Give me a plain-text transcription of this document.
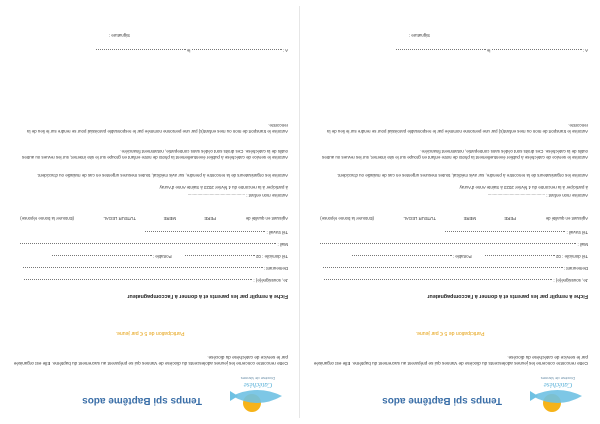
Catéchèse
Diocèse de Vannes
Temps spi Baptême ados
Cette rencontre concerne les jeunes adolescents du diocèse de Vannes qui se préparent au sacrement du baptême. Elle est organisée par le service de catéchèse du diocèse.
Participation de 5 € par jeune.
Fiche à remplir par les parents et à donner à l'accompagnateur
Je, soussigné(e) :
Demeurant :
Tél domicile : 02  Portable :
Mail :
Tél travail :
Agissant en qualité de
PERE
MERE
TUTEUR LEGAL
(Entourer la bonne réponse)
Autorise mon enfant : ...............................................
à participer à la rencontre du 4 février 2023 à Sainte Anne d'Auray
Autorise les organisateurs de la rencontre à prendre, sur avis médical, toutes mesures urgentes en cas de maladie ou d'accident.
Autorise le service de catéchèse à publier éventuellement la photo de notre enfant en groupe sur le site internet, sur les revues ou autres outils de la catéchèse. Ces droits sont cédés sans contrepartie, notamment financière.
Autorise le transport de mon ou mes enfant(s) par une personne nommée par le responsable paroissial pour se rendre sur le lieu de la rencontre.
A :  le
Signature :
Catéchèse
Diocèse de Vannes
Temps spi Baptême ados
Cette rencontre concerne les jeunes adolescents du diocèse de Vannes qui se préparent au sacrement du baptême. Elle est organisée par le service de catéchèse du diocèse.
Participation de 5 € par jeune.
Fiche à remplir par les parents et à donner à l'accompagnateur
Je, soussigné(e) :
Demeurant :
Tél domicile : 02  Portable :
Mail :
Tél travail :
Agissant en qualité de
PERE
MERE
TUTEUR LEGAL
(Entourer la bonne réponse)
Autorise mon enfant : ...............................................
à participer à la rencontre du 4 février 2023 à Sainte Anne d'Auray
Autorise les organisateurs de la rencontre à prendre, sur avis médical, toutes mesures urgentes en cas de maladie ou d'accident.
Autorise le service de catéchèse à publier éventuellement la photo de notre enfant en groupe sur le site internet, sur les revues ou autres outils de la catéchèse. Ces droits sont cédés sans contrepartie, notamment financière.
Autorise le transport de mon ou mes enfant(s) par une personne nommée par le responsable paroissial pour se rendre sur le lieu de la rencontre.
A :  le
Signature :
